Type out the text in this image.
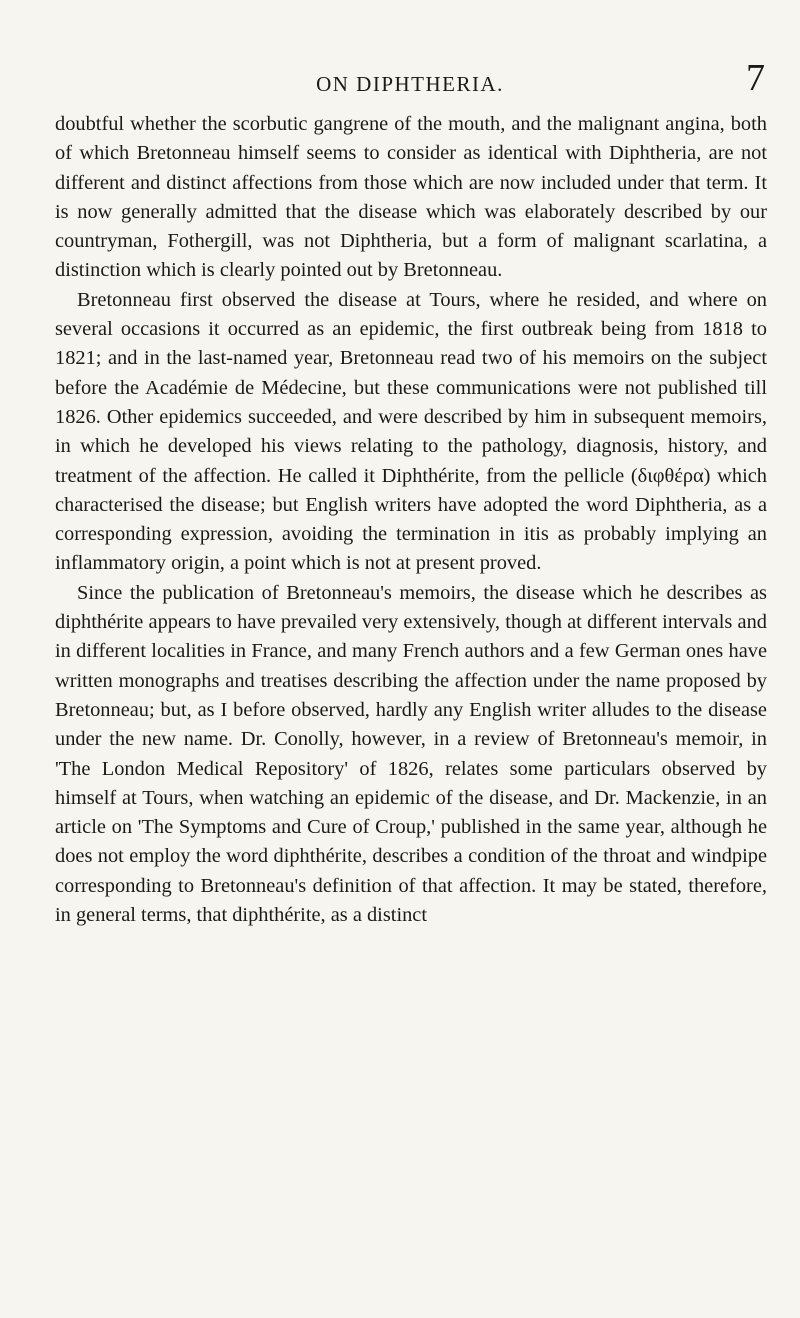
ON DIPHTHERIA.	7

doubtful whether the scorbutic gangrene of the mouth, and the malignant angina, both of which Bretonneau himself seems to consider as identical with Diphtheria, are not different and distinct affections from those which are now included under that term. It is now generally admitted that the disease which was elaborately described by our countryman, Fothergill, was not Diphtheria, but a form of malignant scarlatina, a distinction which is clearly pointed out by Bretonneau.

Bretonneau first observed the disease at Tours, where he resided, and where on several occasions it occurred as an epidemic, the first outbreak being from 1818 to 1821; and in the last-named year, Bretonneau read two of his memoirs on the subject before the Académie de Médecine, but these communications were not published till 1826. Other epidemics succeeded, and were described by him in subsequent memoirs, in which he developed his views relating to the pathology, diagnosis, history, and treatment of the affection. He called it Diphthérite, from the pellicle (διφθέρα) which characterised the disease; but English writers have adopted the word Diphtheria, as a corresponding expression, avoiding the termination in itis as probably implying an inflammatory origin, a point which is not at present proved.

Since the publication of Bretonneau's memoirs, the disease which he describes as diphthérite appears to have prevailed very extensively, though at different intervals and in different localities in France, and many French authors and a few German ones have written monographs and treatises describing the affection under the name proposed by Bretonneau; but, as I before observed, hardly any English writer alludes to the disease under the new name. Dr. Conolly, however, in a review of Bretonneau's memoir, in 'The London Medical Repository' of 1826, relates some particulars observed by himself at Tours, when watching an epidemic of the disease, and Dr. Mackenzie, in an article on 'The Symptoms and Cure of Croup,' published in the same year, although he does not employ the word diphthérite, describes a condition of the throat and windpipe corresponding to Bretonneau's definition of that affection. It may be stated, therefore, in general terms, that diphthérite, as a distinct
